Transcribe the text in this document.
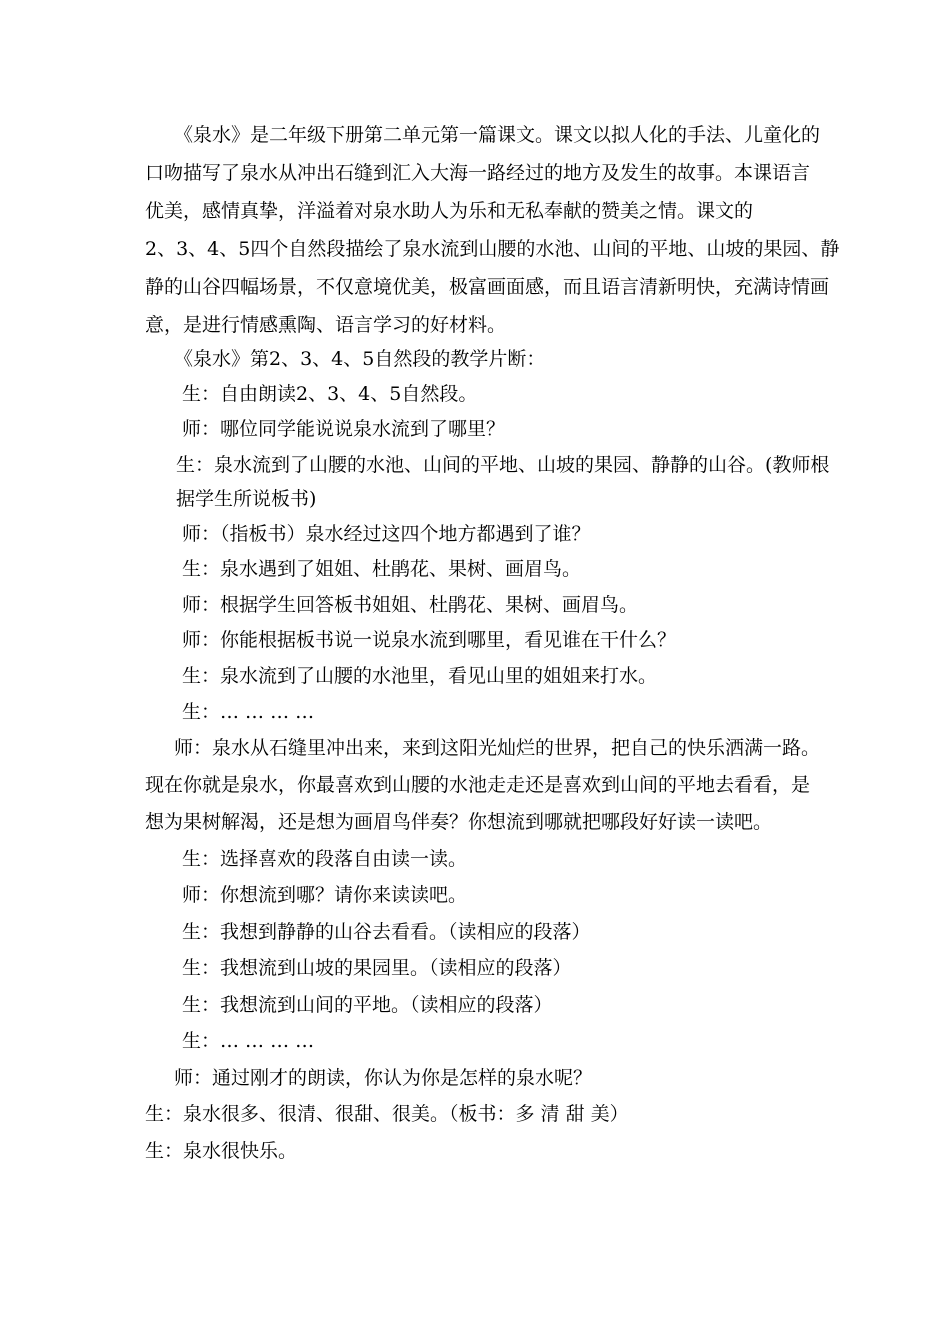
《泉水》是二年级下册第二单元第一篇课文。课文以拟人化的手法、儿童化的
口吻描写了泉水从冲出石缝到汇入大海一路经过的地方及发生的故事。本课语言
优美，感情真挚，洋溢着对泉水助人为乐和无私奉献的赞美之情。课文的
2、3、4、5四个自然段描绘了泉水流到山腰的水池、山间的平地、山坡的果园、静
静的山谷四幅场景，不仅意境优美，极富画面感，而且语言清新明快，充满诗情画
意，是进行情感熏陶、语言学习的好材料。
《泉水》第2、3、4、5自然段的教学片断：
生：自由朗读2、3、4、5自然段。
师：哪位同学能说说泉水流到了哪里？
生：泉水流到了山腰的水池、山间的平地、山坡的果园、静静的山谷。(教师根
据学生所说板书)
师：（指板书）泉水经过这四个地方都遇到了谁？
生：泉水遇到了姐姐、杜鹃花、果树、画眉鸟。
师：根据学生回答板书姐姐、杜鹃花、果树、画眉鸟。
师：你能根据板书说一说泉水流到哪里，看见谁在干什么？
生：泉水流到了山腰的水池里，看见山里的姐姐来打水。
生：… … … …
师：泉水从石缝里冲出来，来到这阳光灿烂的世界，把自己的快乐洒满一路。
现在你就是泉水，你最喜欢到山腰的水池走走还是喜欢到山间的平地去看看，是
想为果树解渴，还是想为画眉鸟伴奏？你想流到哪就把哪段好好读一读吧。
生：选择喜欢的段落自由读一读。
师：你想流到哪？请你来读读吧。
生：我想到静静的山谷去看看。（读相应的段落）
生：我想流到山坡的果园里。（读相应的段落）
生：我想流到山间的平地。（读相应的段落）
生：… … … …
师：通过刚才的朗读，你认为你是怎样的泉水呢？
生：泉水很多、很清、很甜、很美。（板书：多 清 甜 美）
生：泉水很快乐。
